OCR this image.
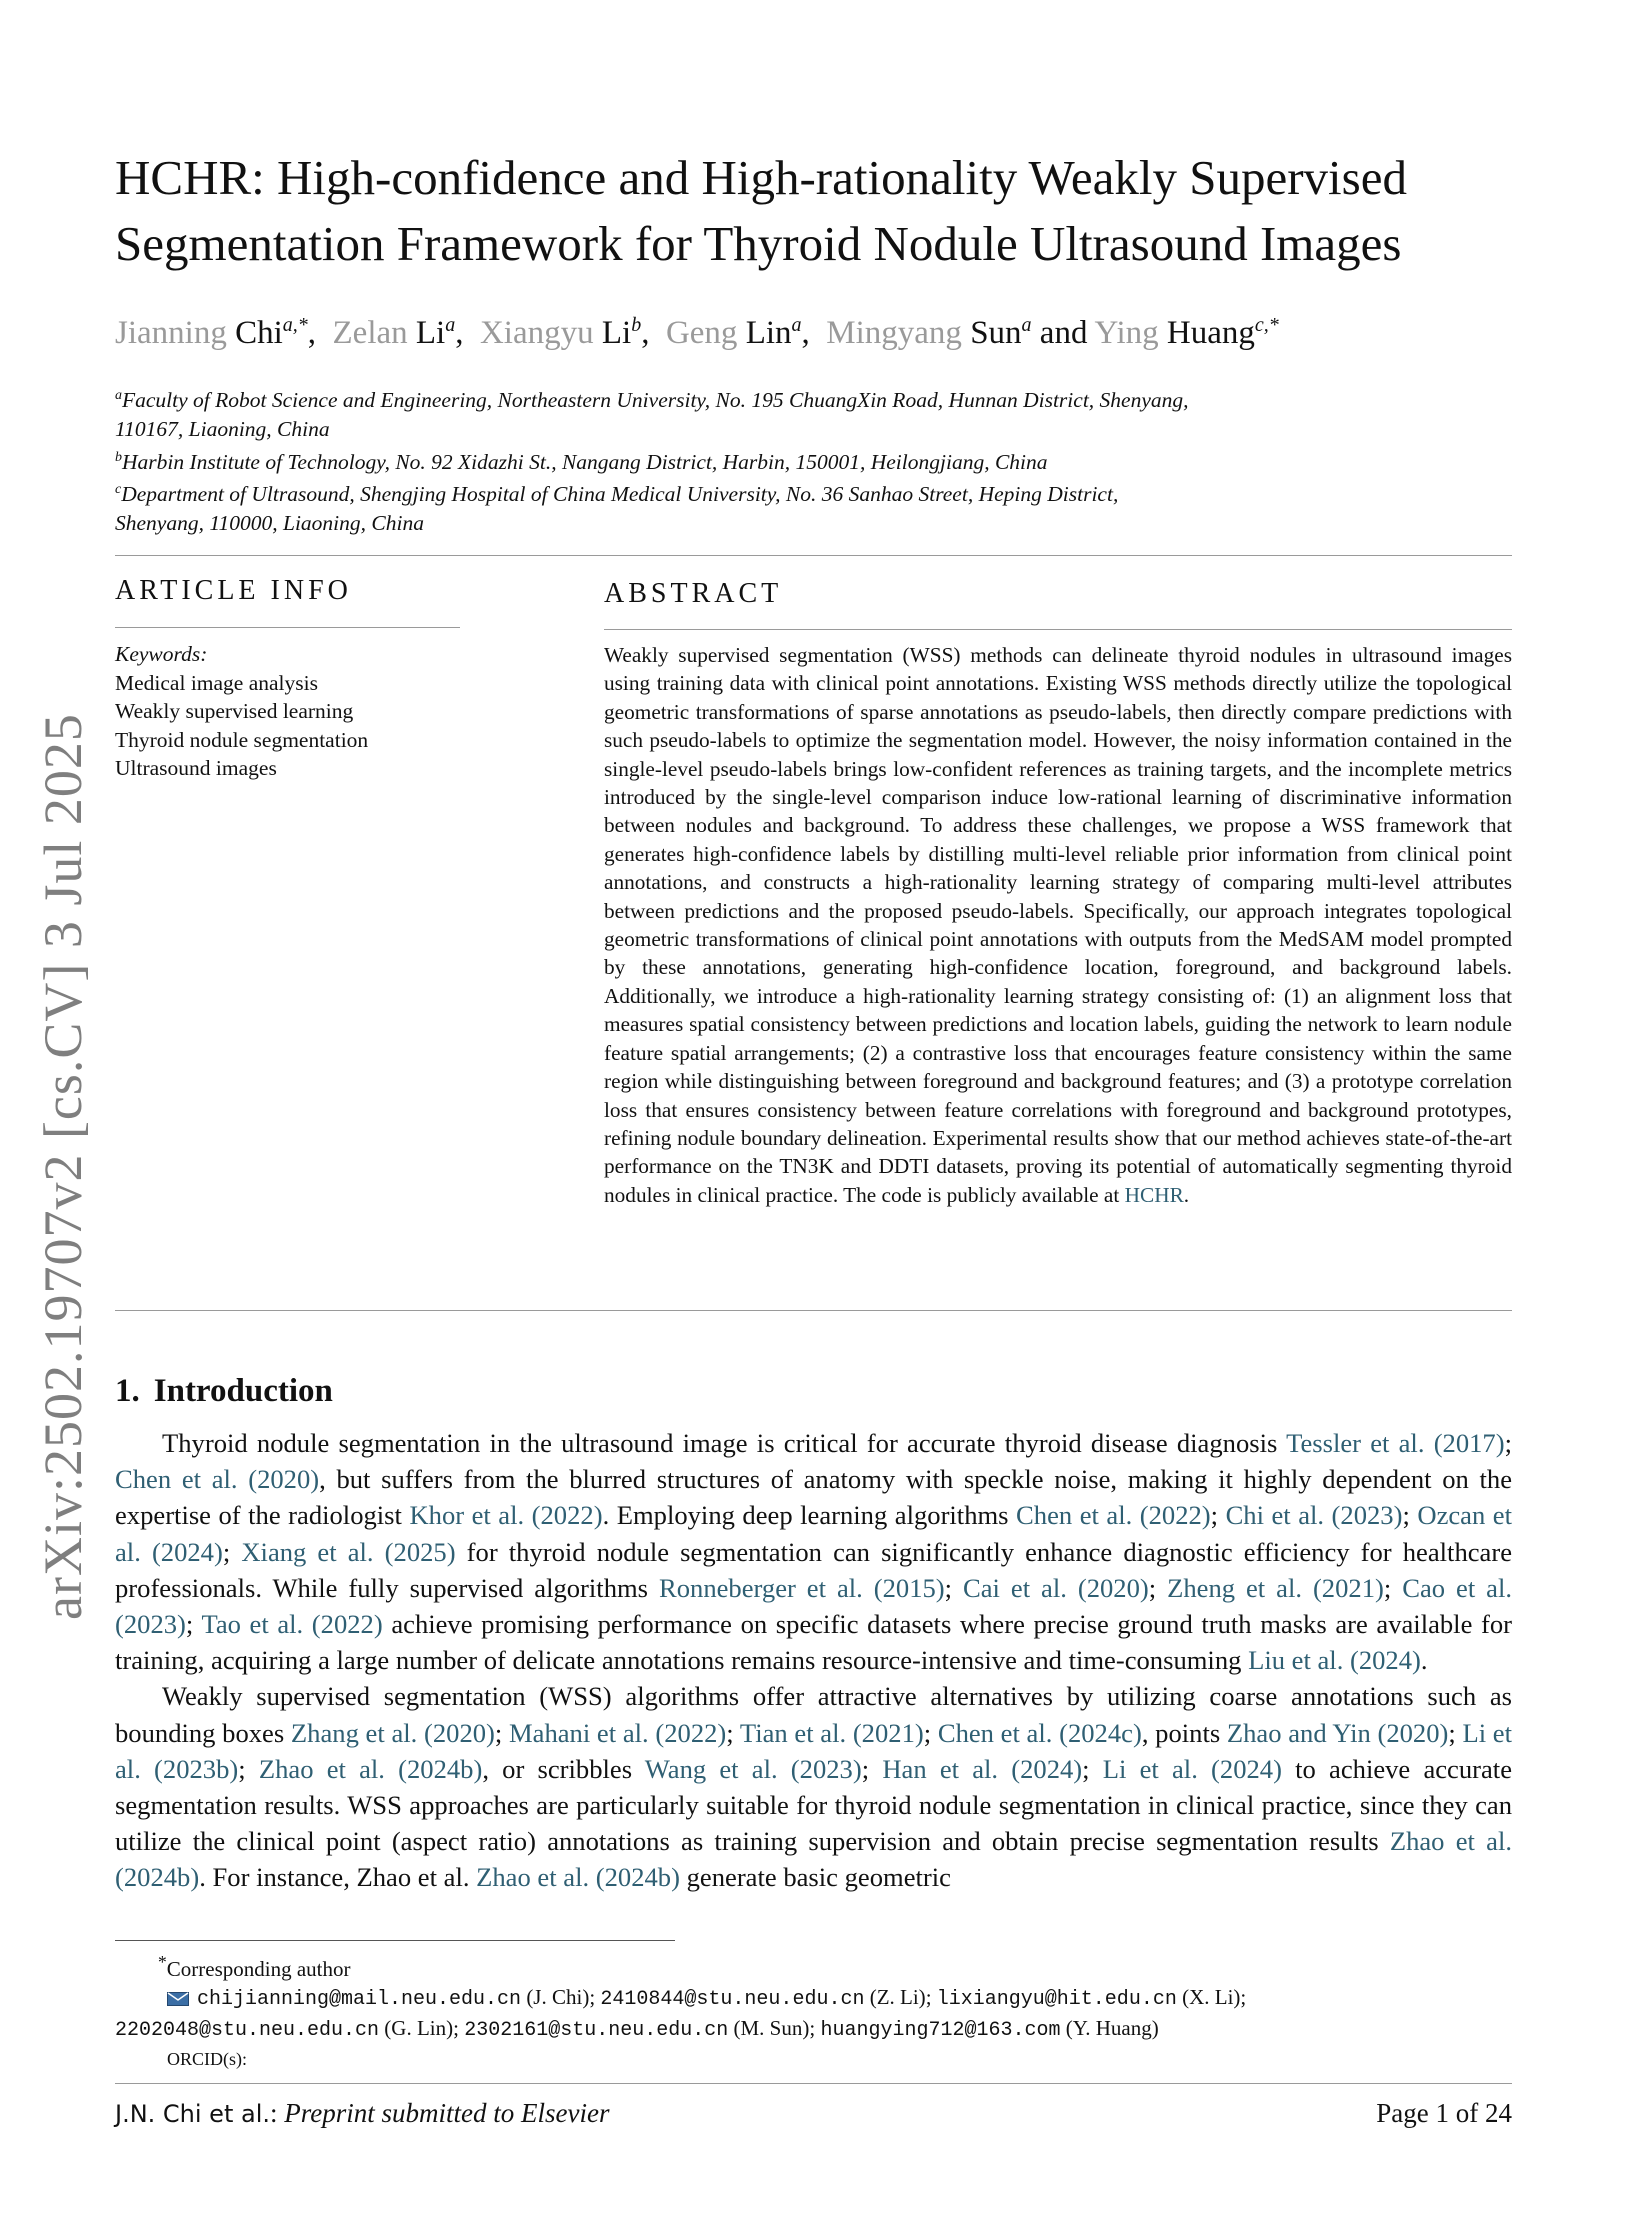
arXiv:2502.19707v2 [cs.CV] 3 Jul 2025
HCHR: High-confidence and High-rationality Weakly Supervised Segmentation Framework for Thyroid Nodule Ultrasound Images
Jianning Chi$^{a,*}$,  Zelan Li$^a$,  Xiangyu Li$^b$,  Geng Lin$^a$,  Mingyang Sun$^a$ and Ying Huang$^{c,*}$
$^a$Faculty of Robot Science and Engineering, Northeastern University, No. 195 ChuangXin Road, Hunnan District, Shenyang, 110167, Liaoning, China
$^b$Harbin Institute of Technology, No. 92 Xidazhi St., Nangang District, Harbin, 150001, Heilongjiang, China
$^c$Department of Ultrasound, Shengjing Hospital of China Medical University, No. 36 Sanhao Street, Heping District, Shenyang, 110000, Liaoning, China
ARTICLE INFO
Keywords:
Medical image analysis
Weakly supervised learning
Thyroid nodule segmentation
Ultrasound images
ABSTRACT
Weakly supervised segmentation (WSS) methods can delineate thyroid nodules in ultrasound images using training data with clinical point annotations. Existing WSS methods directly utilize the topological geometric transformations of sparse annotations as pseudo-labels, then directly compare predictions with such pseudo-labels to optimize the segmentation model. However, the noisy information contained in the single-level pseudo-labels brings low-confident references as training targets, and the incomplete metrics introduced by the single-level comparison induce low-rational learning of discriminative information between nodules and background. To address these challenges, we propose a WSS framework that generates high-confidence labels by distilling multi-level reliable prior information from clinical point annotations, and constructs a high-rationality learning strategy of comparing multi-level attributes between predictions and the proposed pseudo-labels. Specifically, our approach integrates topological geometric transformations of clinical point annotations with outputs from the MedSAM model prompted by these annotations, generating high-confidence location, foreground, and background labels. Additionally, we introduce a high-rationality learning strategy consisting of: (1) an alignment loss that measures spatial consistency between predictions and location labels, guiding the network to learn nodule feature spatial arrangements; (2) a contrastive loss that encourages feature consistency within the same region while distinguishing between foreground and background features; and (3) a prototype correlation loss that ensures consistency between feature correlations with foreground and background prototypes, refining nodule boundary delineation. Experimental results show that our method achieves state-of-the-art performance on the TN3K and DDTI datasets, proving its potential of automatically segmenting thyroid nodules in clinical practice. The code is publicly available at HCHR.
1. Introduction

Thyroid nodule segmentation in the ultrasound image is critical for accurate thyroid disease diagnosis Tessler et al. (2017); Chen et al. (2020), but suffers from the blurred structures of anatomy with speckle noise, making it highly dependent on the expertise of the radiologist Khor et al. (2022). Employing deep learning algorithms Chen et al. (2022); Chi et al. (2023); Ozcan et al. (2024); Xiang et al. (2025) for thyroid nodule segmentation can significantly enhance diagnostic efficiency for healthcare professionals. While fully supervised algorithms Ronneberger et al. (2015); Cai et al. (2020); Zheng et al. (2021); Cao et al. (2023); Tao et al. (2022) achieve promising performance on specific datasets where precise ground truth masks are available for training, acquiring a large number of delicate annotations remains resource-intensive and time-consuming Liu et al. (2024).

Weakly supervised segmentation (WSS) algorithms offer attractive alternatives by utilizing coarse annotations such as bounding boxes Zhang et al. (2020); Mahani et al. (2022); Tian et al. (2021); Chen et al. (2024c), points Zhao and Yin (2020); Li et al. (2023b); Zhao et al. (2024b), or scribbles Wang et al. (2023); Han et al. (2024); Li et al. (2024) to achieve accurate segmentation results. WSS approaches are particularly suitable for thyroid nodule segmentation in clinical practice, since they can utilize the clinical point (aspect ratio) annotations as training supervision and obtain precise segmentation results Zhao et al. (2024b). For instance, Zhao et al. Zhao et al. (2024b) generate basic geometric

*Corresponding author
chijianning@mail.neu.edu.cn (J. Chi); 2410844@stu.neu.edu.cn (Z. Li); lixiangyu@hit.edu.cn (X. Li);
2202048@stu.neu.edu.cn (G. Lin); 2302161@stu.neu.edu.cn (M. Sun); huangying712@163.com (Y. Huang)
ORCID(s):
J.N. Chi et al.: Preprint submitted to Elsevier	Page 1 of 24
